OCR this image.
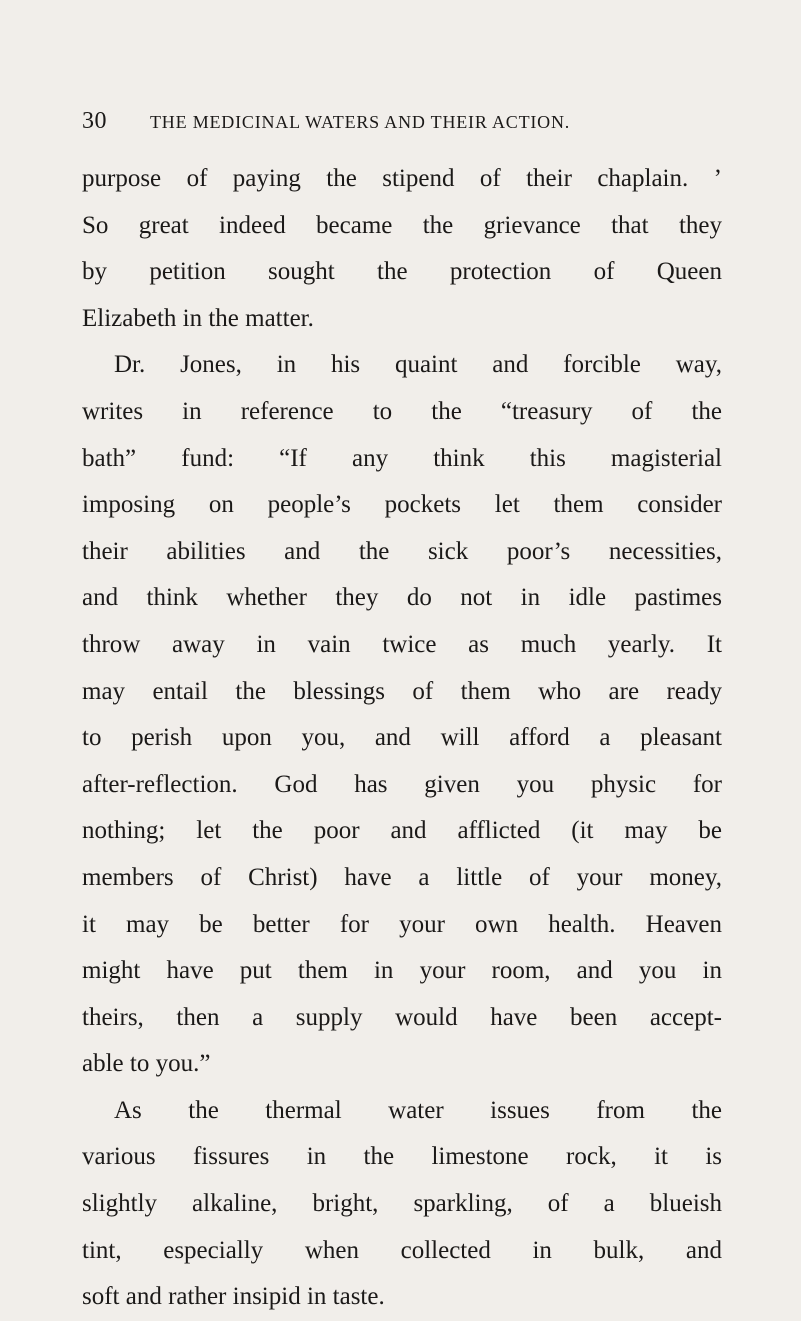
30 THE MEDICINAL WATERS AND THEIR ACTION.
purpose of paying the stipend of their chaplain. ’
So great indeed became the grievance that they
by petition sought the protection of Queen
Elizabeth in the matter.
Dr. Jones, in his quaint and forcible way,
writes in reference to the “treasury of the
bath” fund: “If any think this magisterial
imposing on people’s pockets let them consider
their abilities and the sick poor’s necessities,
and think whether they do not in idle pastimes
throw away in vain twice as much yearly. It
may entail the blessings of them who are ready
to perish upon you, and will afford a pleasant
after-reflection. God has given you physic for
nothing; let the poor and afflicted (it may be
members of Christ) have a little of your money,
it may be better for your own health. Heaven
might have put them in your room, and you in
theirs, then a supply would have been accept-
able to you.”
As the thermal water issues from the
various fissures in the limestone rock, it is
slightly alkaline, bright, sparkling, of a blueish
tint, especially when collected in bulk, and
soft and rather insipid in taste.
